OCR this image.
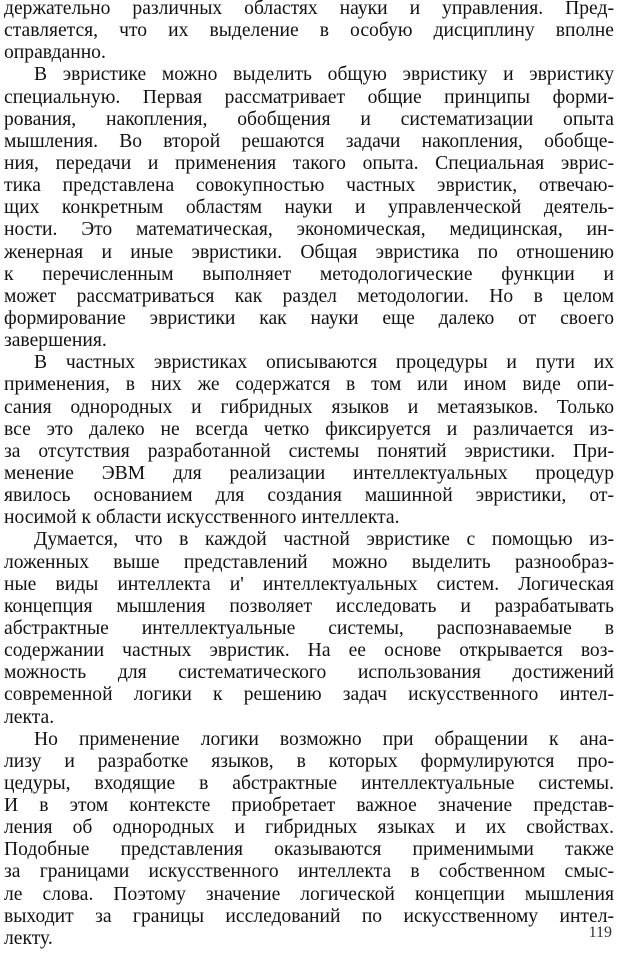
держательно различных областях науки и управления. Пред-
ставляется, что их выделение в особую дисциплину вполне
оправданно.
В эвристике можно выделить общую эвристику и эвристику
специальную. Первая рассматривает общие принципы форми-
рования, накопления, обобщения и систематизации опыта
мышления. Во второй решаются задачи накопления, обобще-
ния, передачи и применения такого опыта. Специальная эврис-
тика представлена совокупностью частных эвристик, отвечаю-
щих конкретным областям науки и управленческой деятель-
ности. Это математическая, экономическая, медицинская, ин-
женерная и иные эвристики. Общая эвристика по отношению
к перечисленным выполняет методологические функции и
может рассматриваться как раздел методологии. Но в целом
формирование эвристики как науки еще далеко от своего
завершения.
В частных эвристиках описываются процедуры и пути их
применения, в них же содержатся в том или ином виде опи-
сания однородных и гибридных языков и метаязыков. Только
все это далеко не всегда четко фиксируется и различается из-
за отсутствия разработанной системы понятий эвристики. При-
менение ЭВМ для реализации интеллектуальных процедур
явилось основанием для создания машинной эвристики, от-
носимой к области искусственного интеллекта.
Думается, что в каждой частной эвристике с помощью из-
ложенных выше представлений можно выделить разнообраз-
ные виды интеллекта и' интеллектуальных систем. Логическая
концепция мышления позволяет исследовать и разрабатывать
абстрактные интеллектуальные системы, распознаваемые в
содержании частных эвристик. На ее основе открывается воз-
можность для систематического использования достижений
современной логики к решению задач искусственного интел-
лекта.
Но применение логики возможно при обращении к ана-
лизу и разработке языков, в которых формулируются про-
цедуры, входящие в абстрактные интеллектуальные системы.
И в этом контексте приобретает важное значение представ-
ления об однородных и гибридных языках и их свойствах.
Подобные представления оказываются применимыми также
за границами искусственного интеллекта в собственном смыс-
ле слова. Поэтому значение логической концепции мышления
выходит за границы исследований по искусственному интел-
лекту.	119
